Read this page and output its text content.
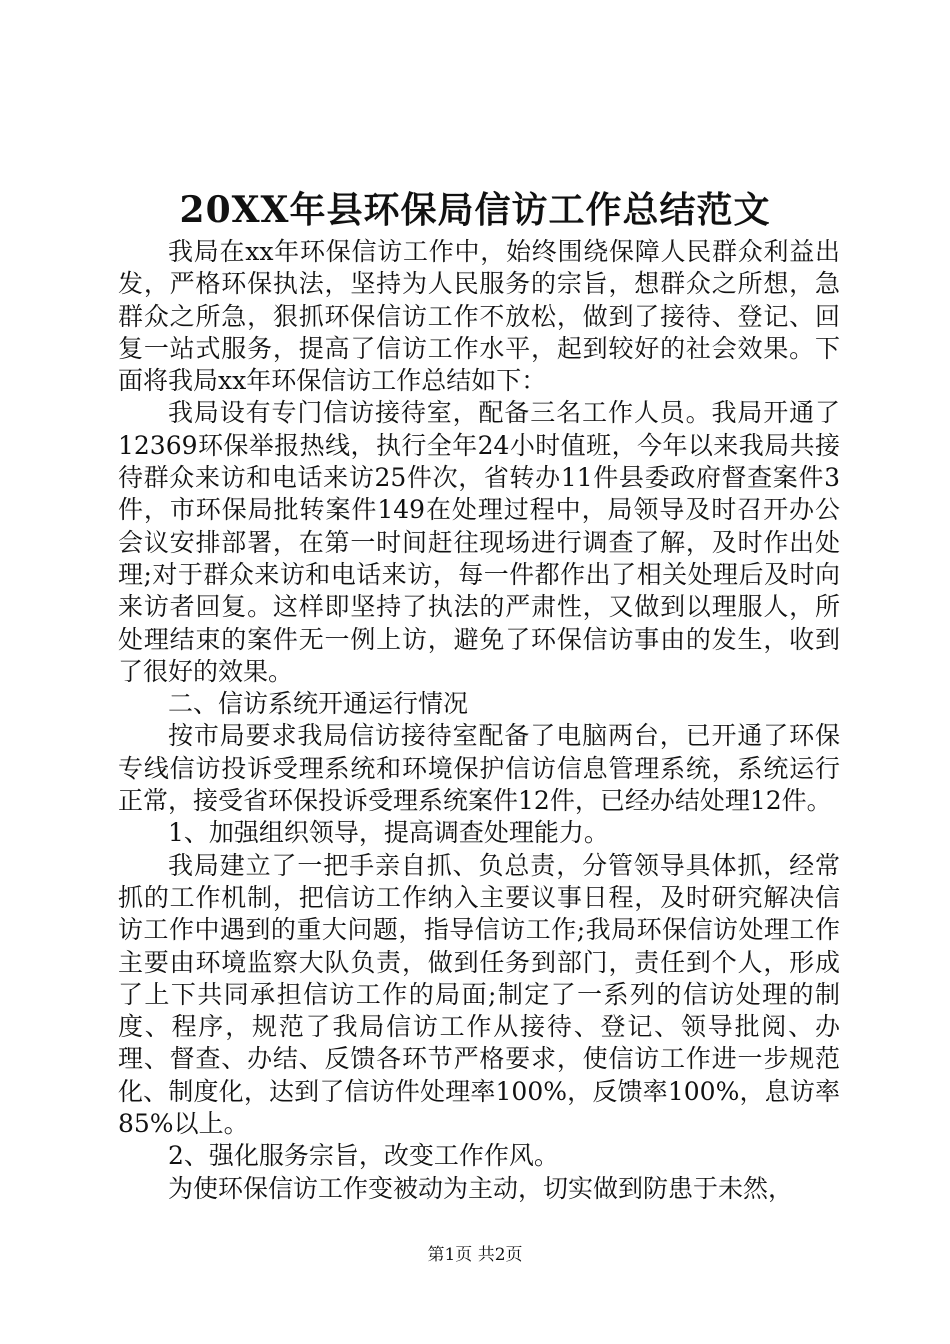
20XX年县环保局信访工作总结范文

我局在xx年环保信访工作中，始终围绕保障人民群众利益出发，严格环保执法，坚持为人民服务的宗旨，想群众之所想，急群众之所急，狠抓环保信访工作不放松，做到了接待、登记、回复一站式服务，提高了信访工作水平，起到较好的社会效果。下面将我局xx年环保信访工作总结如下：

我局设有专门信访接待室，配备三名工作人员。我局开通了12369环保举报热线，执行全年24小时值班，今年以来我局共接待群众来访和电话来访25件次，省转办11件县委政府督查案件3件，市环保局批转案件149在处理过程中，局领导及时召开办公会议安排部署，在第一时间赶往现场进行调查了解，及时作出处理;对于群众来访和电话来访，每一件都作出了相关处理后及时向来访者回复。这样即坚持了执法的严肃性，又做到以理服人，所处理结束的案件无一例上访，避免了环保信访事由的发生，收到了很好的效果。

二、信访系统开通运行情况

按市局要求我局信访接待室配备了电脑两台，已开通了环保专线信访投诉受理系统和环境保护信访信息管理系统，系统运行正常，接受省环保投诉受理系统案件12件，已经办结处理12件。

1、加强组织领导，提高调查处理能力。

我局建立了一把手亲自抓、负总责，分管领导具体抓，经常抓的工作机制，把信访工作纳入主要议事日程，及时研究解决信访工作中遇到的重大问题，指导信访工作;我局环保信访处理工作主要由环境监察大队负责，做到任务到部门，责任到个人，形成了上下共同承担信访工作的局面;制定了一系列的信访处理的制度、程序，规范了我局信访工作从接待、登记、领导批阅、办理、督查、办结、反馈各环节严格要求，使信访工作进一步规范化、制度化，达到了信访件处理率100%，反馈率100%，息访率85%以上。

2、强化服务宗旨，改变工作作风。

为使环保信访工作变被动为主动，切实做到防患于未然，

第1页 共2页
